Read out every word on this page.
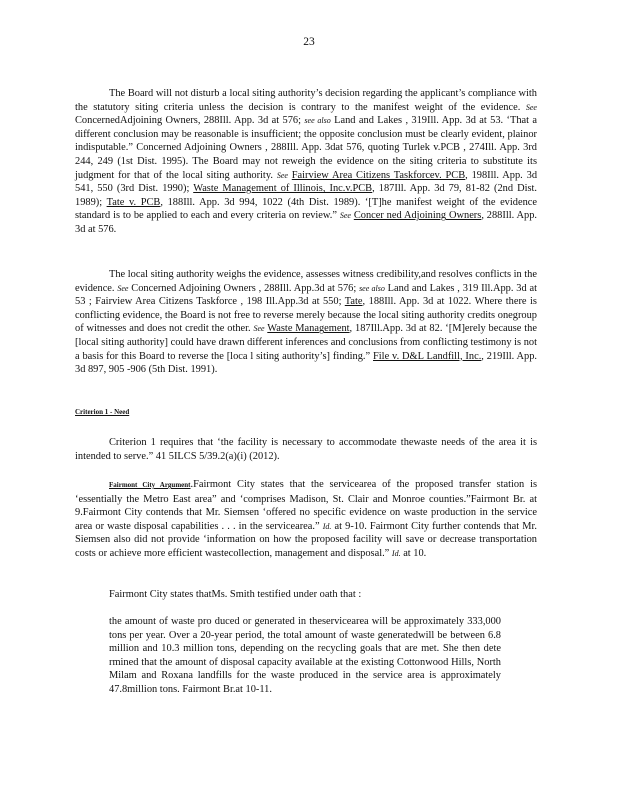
23

The Board will not disturb a local siting authority’s decision regarding the applicant’s compliance with the statutory siting criteria unless the decision is contrary to the manifest weight of the evidence. See ConcernedAdjoining Owners, 288Ill. App. 3d at 576; see also Land and Lakes , 319Ill. App. 3d at 53. ‘That a different conclusion may be reasonable is insufficient; the opposite conclusion must be clearly evident, plainor indisputable.” Concerned Adjoining Owners , 288Ill. App. 3dat 576, quoting Turlek v.PCB , 274Ill. App. 3rd 244, 249 (1st Dist. 1995). The Board may not reweigh the evidence on the siting criteria to substitute its judgment for that of the local siting authority. See Fairview Area Citizens Taskforcev. PCB, 198Ill. App. 3d 541, 550 (3rd Dist. 1990); Waste Management of Illinois, Inc.v.PCB, 187Ill. App. 3d 79, 81-82 (2nd Dist. 1989); Tate v. PCB, 188Ill. App. 3d 994, 1022 (4th Dist. 1989). ‘[T]he manifest weight of the evidence standard is to be applied to each and every criteria on review.” See Concer ned Adjoining Owners, 288Ill. App. 3d at 576.

The local siting authority weighs the evidence, assesses witness credibility,and resolves conflicts in the evidence. See Concerned Adjoining Owners , 288Ill. App.3d at 576; see also Land and Lakes , 319 Ill.App. 3d at 53 ; Fairview Area Citizens Taskforce , 198 Ill.App.3d at 550; Tate, 188Ill. App. 3d at 1022. Where there is conflicting evidence, the Board is not free to reverse merely because the local siting authority credits onegroup of witnesses and does not credit the other. See Waste Management, 187Ill.App. 3d at 82. ‘[M]erely because the [local siting authority] could have drawn different inferences and conclusions from conflicting testimony is not a basis for this Board to reverse the [loca l siting authority’s] finding.” File v. D&L Landfill, Inc., 219Ill. App. 3d 897, 905 -906 (5th Dist. 1991).

Criterion 1 - Need

Criterion 1 requires that ‘the facility is necessary to accommodate thewaste needs of the area it is intended to serve.” 41 5ILCS 5/39.2(a)(i) (2012).

Fairmont City Argument.Fairmont City states that the servicearea of the proposed transfer station is ‘essentially the Metro East area” and ‘comprises Madison, St. Clair and Monroe counties.”Fairmont Br. at 9.Fairmont City contends that Mr. Siemsen ‘offered no specific evidence on waste production in the service area or waste disposal capabilities . . . in the servicearea.” Id. at 9-10. Fairmont City further contends that Mr. Siemsen also did not provide ‘information on how the proposed facility will save or decrease transportation costs or achieve more efficient wastecollection, management and disposal.” Id. at 10.

Fairmont City states thatMs. Smith testified under oath that :

the amount of waste pro duced or generated in theservicearea will be approximately 333,000 tons per year. Over a 20-year period, the total amount of waste generatedwill be between 6.8 million and 10.3 million tons, depending on the recycling goals that are met. She then dete rmined that the amount of disposal capacity available at the existing Cottonwood Hills, North Milam and Roxana landfills for the waste produced in the service area is approximately 47.8million tons. Fairmont Br.at 10-11.
